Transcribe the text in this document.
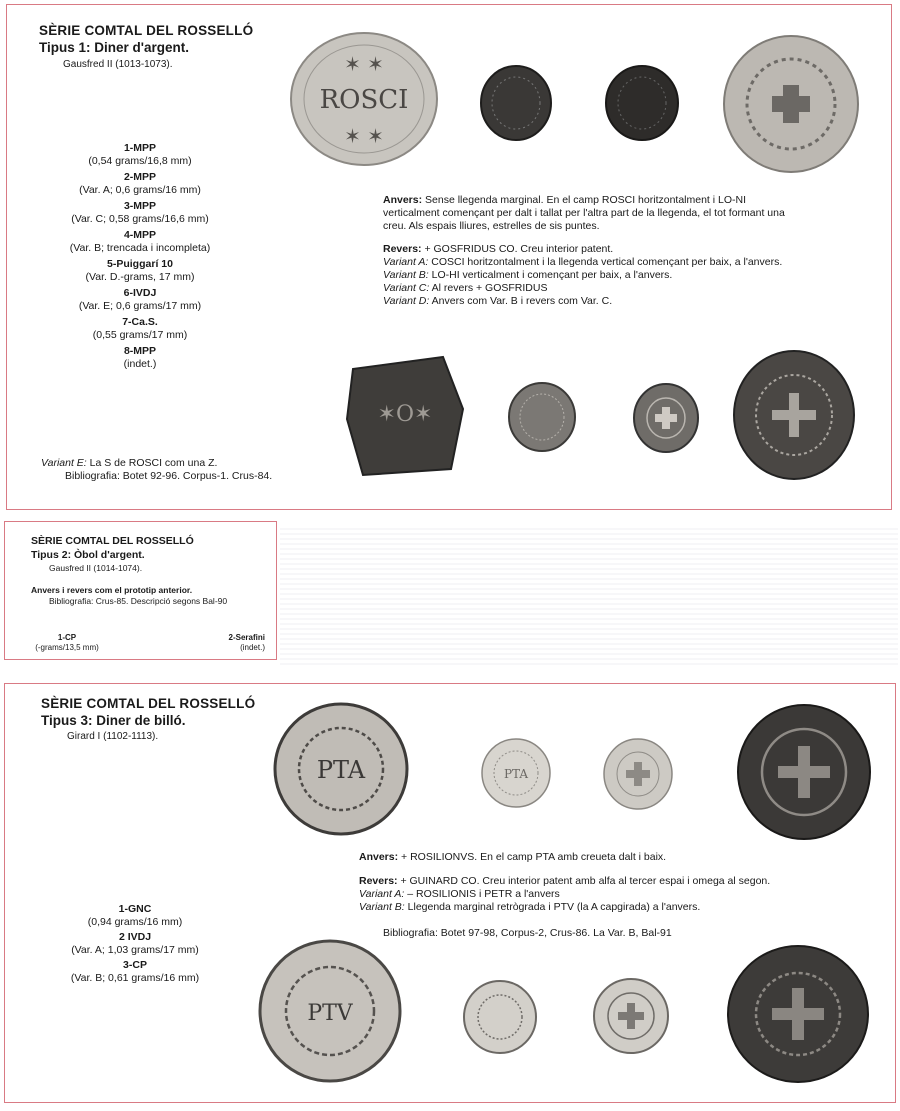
SÈRIE COMTAL DEL ROSSELLÓ
Tipus 1: Diner d'argent.
Gausfred II (1013-1073).
1-MPP
(0,54 grams/16,8 mm)
2-MPP
(Var. A; 0,6 grams/16 mm)
3-MPP
(Var. C; 0,58 grams/16,6 mm)
4-MPP
(Var. B; trencada i incompleta)
5-Puiggarí 10
(Var. D.-grams, 17 mm)
6-IVDJ
(Var. E; 0,6 grams/17 mm)
7-Ca.S.
(0,55 grams/17 mm)
8-MPP
(indet.)
ROSCI
✶ ✶
✶ ✶
Anvers: Sense llegenda marginal. En el camp ROSCI horitzontalment i LO-NI verticalment començant per dalt i tallat per l'altra part de la llegenda, el tot formant una creu. Als espais lliures, estrelles de sis puntes.
Revers: + GOSFRIDUS CO. Creu interior patent.
Variant A: COSCI horitzontalment i la llegenda vertical començant per baix, a l'anvers.
Variant B: LO-HI verticalment i començant per baix, a l'anvers.
Variant C: Al revers + GOSFRIDUS
Variant D: Anvers com Var. B i revers com Var. C.
✶O✶
Variant E: La S de ROSCI com una Z.
Bibliografia: Botet 92-96. Corpus-1. Crus-84.
SÈRIE COMTAL DEL ROSSELLÓ
Tipus 2: Òbol d'argent.
Gausfred II (1014-1074).
Anvers i revers com el prototip anterior.
Bibliografia: Crus-85. Descripció segons Bal-90
1-CP
(-grams/13,5 mm)
2-Serafini
(indet.)
SÈRIE COMTAL DEL ROSSELLÓ
Tipus 3: Diner de billó.
Girard I (1102-1113).
PTA	PTA
Anvers: + ROSILIONVS. En el camp PTA amb creueta dalt i baix.
Revers: + GUINARD CO. Creu interior patent amb alfa al tercer espai i omega al segon.
Variant A: – ROSILIONIS i PETR a l'anvers
Variant B: Llegenda marginal retrògrada i PTV (la A capgirada) a l'anvers.
Bibliografia: Botet 97-98, Corpus-2, Crus-86. La Var. B, Bal-91
1-GNC
(0,94 grams/16 mm)
2 IVDJ
(Var. A; 1,03 grams/17 mm)
3-CP
(Var. B; 0,61 grams/16 mm)
PTV
